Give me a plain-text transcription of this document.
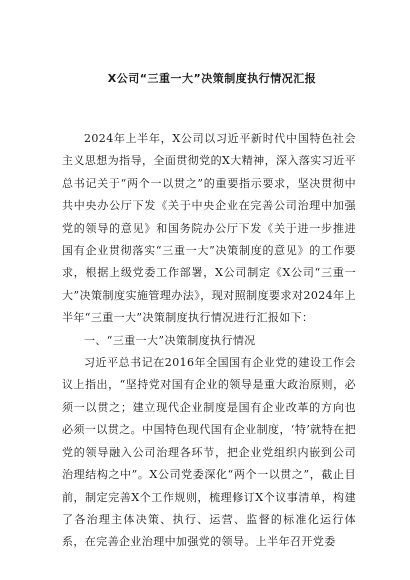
X公司“三重一大”决策制度执行情况汇报

2024年上半年，X公司以习近平新时代中国特色社会主义思想为指导，全面贯彻党的X大精神，深入落实习近平总书记关于“两个一以贯之”的重要指示要求，坚决贯彻中共中央办公厅下发《关于中央企业在完善公司治理中加强党的领导的意见》和国务院办公厅下发《关于进一步推进国有企业贯彻落实“三重一大”决策制度的意见》的工作要求，根据上级党委工作部署，X公司制定《X公司“三重一大”决策制度实施管理办法》，现对照制度要求对2024年上半年“三重一大”决策制度执行情况进行汇报如下：

一、“三重一大”决策制度执行情况

习近平总书记在2016年全国国有企业党的建设工作会议上指出，“坚持党对国有企业的领导是重大政治原则，必须一以贯之；建立现代企业制度是国有企业改革的方向也必须一以贯之。中国特色现代国有企业制度，‘特’就特在把党的领导融入公司治理各环节，把企业党组织内嵌到公司治理结构之中”。X公司党委深化“两个一以贯之”，截止目前，制定完善X个工作规则，梳理修订X个议事清单，构建了各治理主体决策、执行、运营、监督的标准化运行体系，在完善企业治理中加强党的领导。上半年召开党委
